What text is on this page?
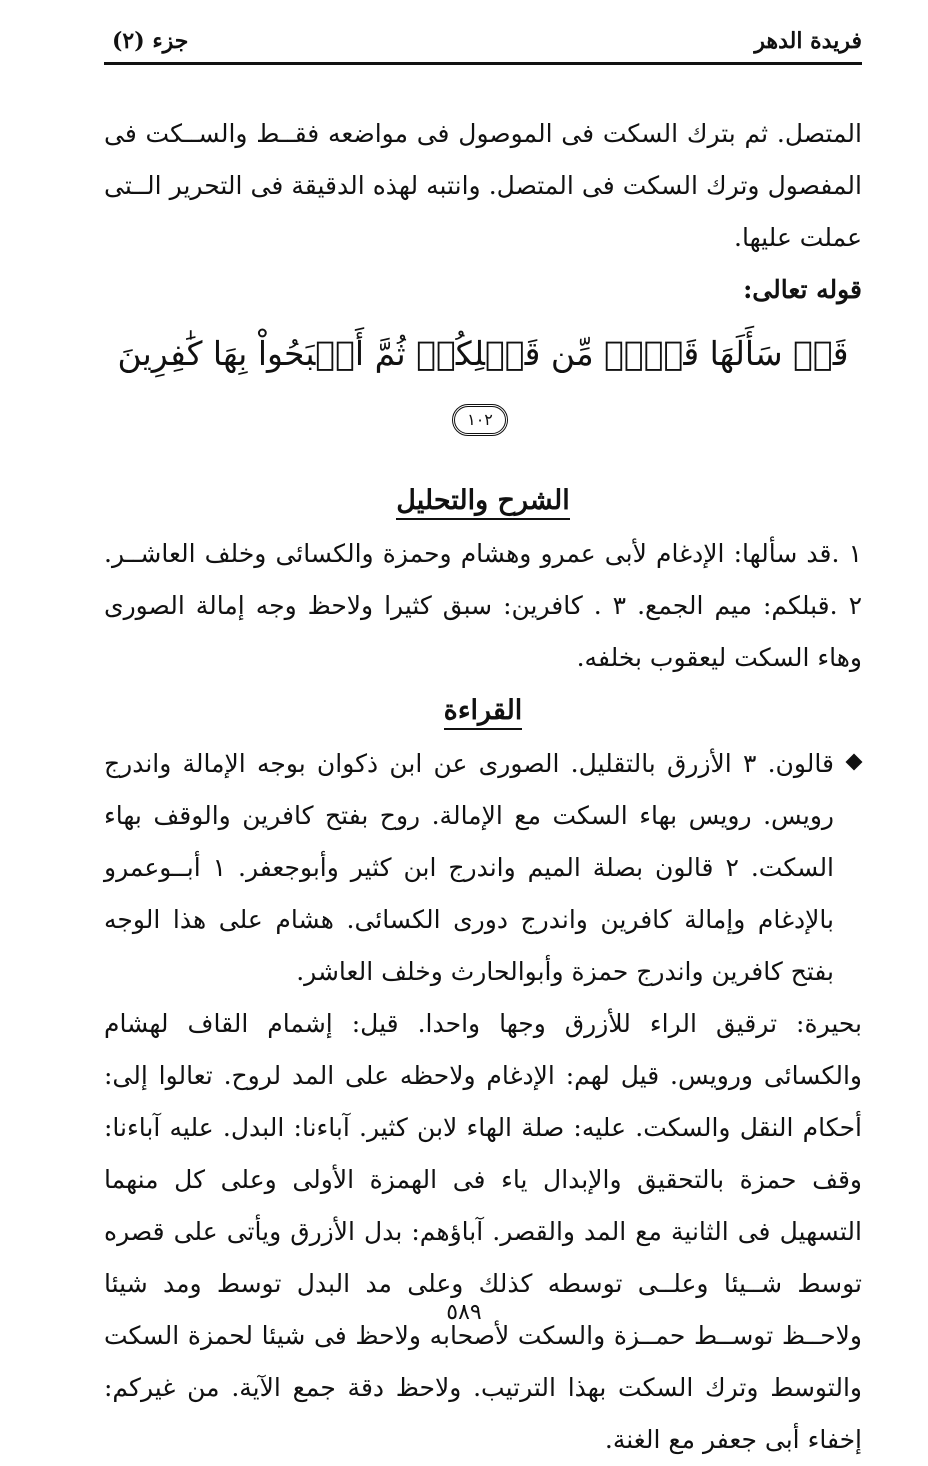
فريدة الدهر
جزء (٢)

المتصل. ثم بترك السكت فى الموصول فى مواضعه فقــط والســكت فى المفصول وترك السكت فى المتصل. وانتبه لهذه الدقيقة فى التحرير الــتى عملت عليها.

قوله تعالى:

قَدۡ سَأَلَهَا قَوۡمٞ مِّن قَبۡلِكُمۡ ثُمَّ أَصۡبَحُواْ بِهَا كَٰفِرِينَ ١٠٢

الشرح والتحليل

١ .قد سألها: الإدغام لأبى عمرو وهشام وحمزة والكسائى وخلف العاشــر. ٢ .قبلكم: ميم الجمع. ٣ . كافرين: سبق كثيرا ولاحظ وجه إمالة الصورى وهاء السكت ليعقوب بخلفه.

القراءة

قالون. ٣ الأزرق بالتقليل. الصورى عن ابن ذكوان بوجه الإمالة واندرج رويس. رويس بهاء السكت مع الإمالة. روح بفتح كافرين والوقف بهاء السكت. ٢ قالون بصلة الميم واندرج ابن كثير وأبوجعفر. ١ أبــوعمرو بالإدغام وإمالة كافرين واندرج دورى الكسائى. هشام على هذا الوجه بفتح كافرين واندرج حمزة وأبوالحارث وخلف العاشر.

بحيرة: ترقيق الراء للأزرق وجها واحدا. قيل: إشمام القاف لهشام والكسائى ورويس. قيل لهم: الإدغام ولاحظه على المد لروح. تعالوا إلى: أحكام النقل والسكت. عليه: صلة الهاء لابن كثير. آباءنا: البدل. عليه آباءنا: وقف حمزة بالتحقيق والإبدال ياء فى الهمزة الأولى وعلى كل منهما التسهيل فى الثانية مع المد والقصر. آباؤهم: بدل الأزرق ويأتى على قصره توسط شــيئا وعلــى توسطه كذلك وعلى مد البدل توسط ومد شيئا ولاحــظ توســط حمــزة والسكت لأصحابه ولاحظ فى شيئا لحمزة السكت والتوسط وترك السكت بهذا الترتيب. ولاحظ دقة جمع الآية. من غيركم: إخفاء أبى جعفر مع الغنة.

٥٨٩
